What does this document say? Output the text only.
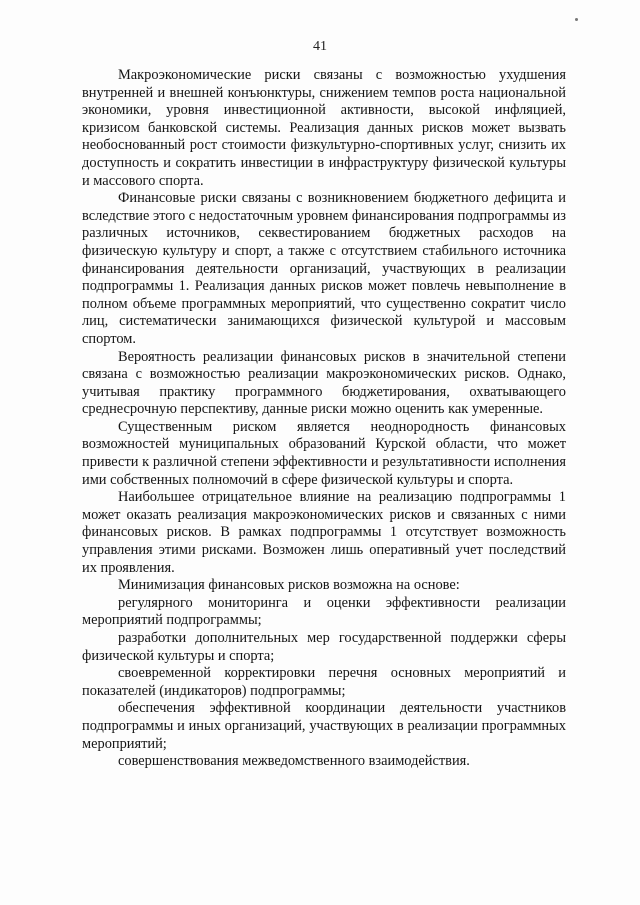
41

Макроэкономические риски связаны с возможностью ухудшения внутренней и внешней конъюнктуры, снижением темпов роста национальной экономики, уровня инвестиционной активности, высокой инфляцией, кризисом банковской системы. Реализация данных рисков может вызвать необоснованный рост стоимости физкультурно-спортивных услуг, снизить их доступность и сократить инвестиции в инфраструктуру физической культуры и массового спорта.

Финансовые риски связаны с возникновением бюджетного дефицита и вследствие этого с недостаточным уровнем финансирования подпрограммы из различных источников, секвестированием бюджетных расходов на физическую культуру и спорт, а также с отсутствием стабильного источника финансирования деятельности организаций, участвующих в реализации подпрограммы 1. Реализация данных рисков может повлечь невыполнение в полном объеме программных мероприятий, что существенно сократит число лиц, систематически занимающихся физической культурой и массовым спортом.

Вероятность реализации финансовых рисков в значительной степени связана с возможностью реализации макроэкономических рисков. Однако, учитывая практику программного бюджетирования, охватывающего среднесрочную перспективу, данные риски можно оценить как умеренные.

Существенным риском является неоднородность финансовых возможностей муниципальных образований Курской области, что может привести к различной степени эффективности и результативности исполнения ими собственных полномочий в сфере физической культуры и спорта.

Наибольшее отрицательное влияние на реализацию подпрограммы 1 может оказать реализация макроэкономических рисков и связанных с ними финансовых рисков. В рамках подпрограммы 1 отсутствует возможность управления этими рисками. Возможен лишь оперативный учет последствий их проявления.

Минимизация финансовых рисков возможна на основе:

регулярного мониторинга и оценки эффективности реализации мероприятий подпрограммы;

разработки дополнительных мер государственной поддержки сферы физической культуры и спорта;

своевременной корректировки перечня основных мероприятий и показателей (индикаторов) подпрограммы;

обеспечения эффективной координации деятельности участников подпрограммы и иных организаций, участвующих в реализации программных мероприятий;

совершенствования межведомственного взаимодействия.
